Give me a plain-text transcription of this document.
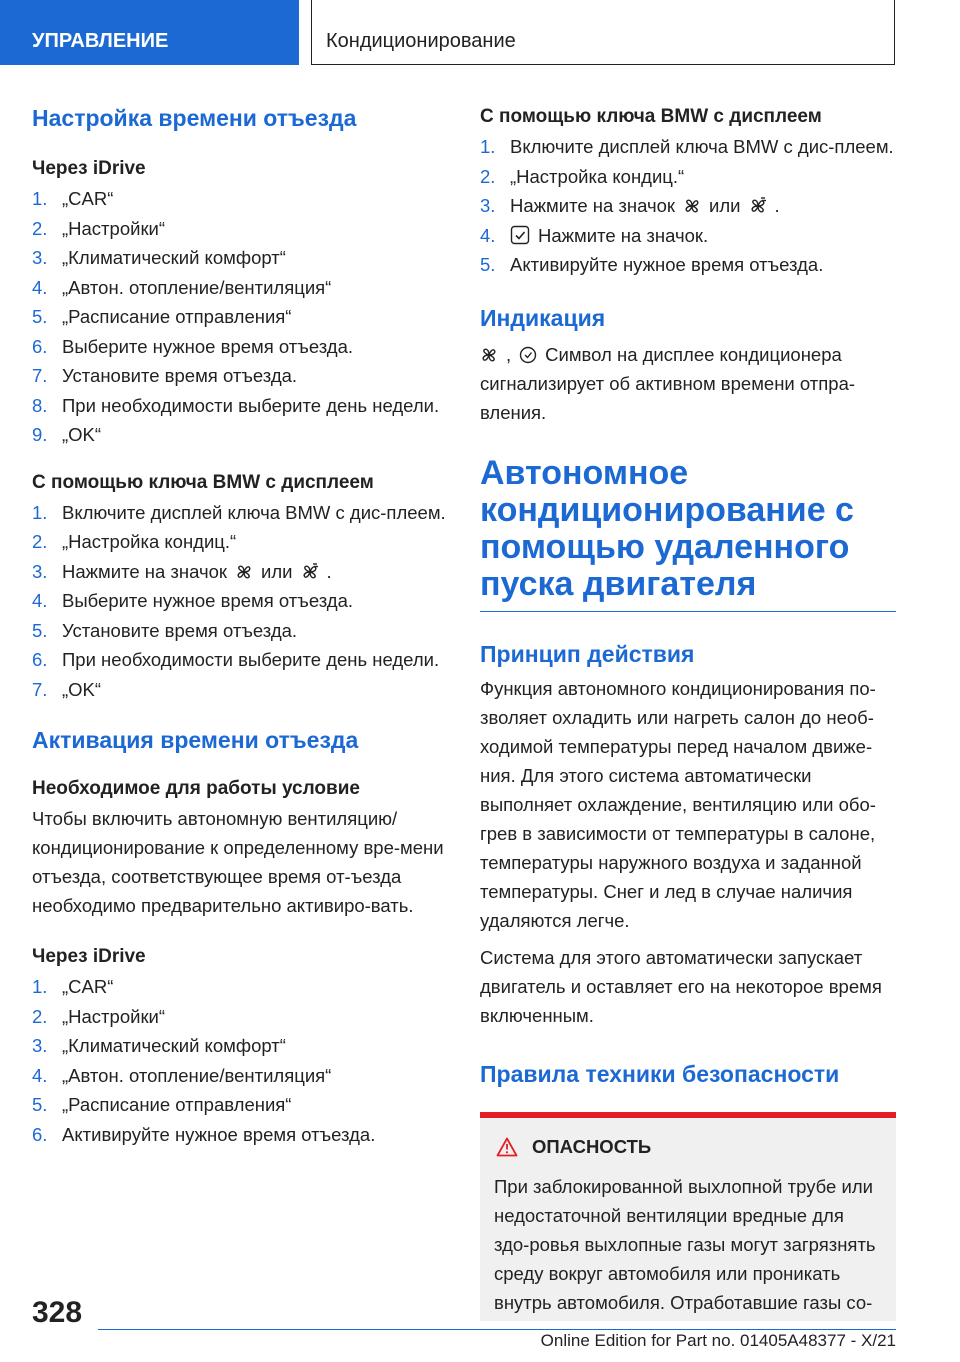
УПРАВЛЕНИЕ	Кондиционирование
Настройка времени отъезда
Через iDrive
1. „CAR“
2. „Настройки“
3. „Климатический комфорт“
4. „Автон. отопление/вентиляция“
5. „Расписание отправления“
6. Выберите нужное время отъезда.
7. Установите время отъезда.
8. При необходимости выберите день недели.
9. „OK“
С помощью ключа BMW с дисплеем
1. Включите дисплей ключа BMW с дис-плеем.
2. „Настройка кондиц.“
3. Нажмите на значок или .
4. Выберите нужное время отъезда.
5. Установите время отъезда.
6. При необходимости выберите день недели.
7. „OK“
Активация времени отъезда
Необходимое для работы условие

Чтобы включить автономную вентиляцию/кондиционирование к определенному вре-мени отъезда, соответствующее время от-ъезда необходимо предварительно активиро-вать.

Через iDrive
1. „CAR“
2. „Настройки“
3. „Климатический комфорт“
4. „Автон. отопление/вентиляция“
5. „Расписание отправления“
6. Активируйте нужное время отъезда.
С помощью ключа BMW с дисплеем
1. Включите дисплей ключа BMW с дис-плеем.
2. „Настройка кондиц.“
3. Нажмите на значок или .
4. Нажмите на значок.
5. Активируйте нужное время отъезда.
Индикация

, Символ на дисплее кондиционера сигнализирует об активном времени отпра-вления.

Автономное кондиционирование с помощью удаленного пуска двигателя
Принцип действия

Функция автономного кондиционирования по-зволяет охладить или нагреть салон до необ-ходимой температуры перед началом движе-ния. Для этого система автоматически выполняет охлаждение, вентиляцию или обо-грев в зависимости от температуры в салоне, температуры наружного воздуха и заданной температуры. Снег и лед в случае наличия удаляются легче.

Система для этого автоматически запускает двигатель и оставляет его на некоторое время включенным.

Правила техники безопасности
ОПАСНОСТЬ

При заблокированной выхлопной трубе или недостаточной вентиляции вредные для здо-ровья выхлопные газы могут загрязнять среду вокруг автомобиля или проникать внутрь автомобиля. Отработавшие газы со-

328
Online Edition for Part no. 01405A48377 - X/21
